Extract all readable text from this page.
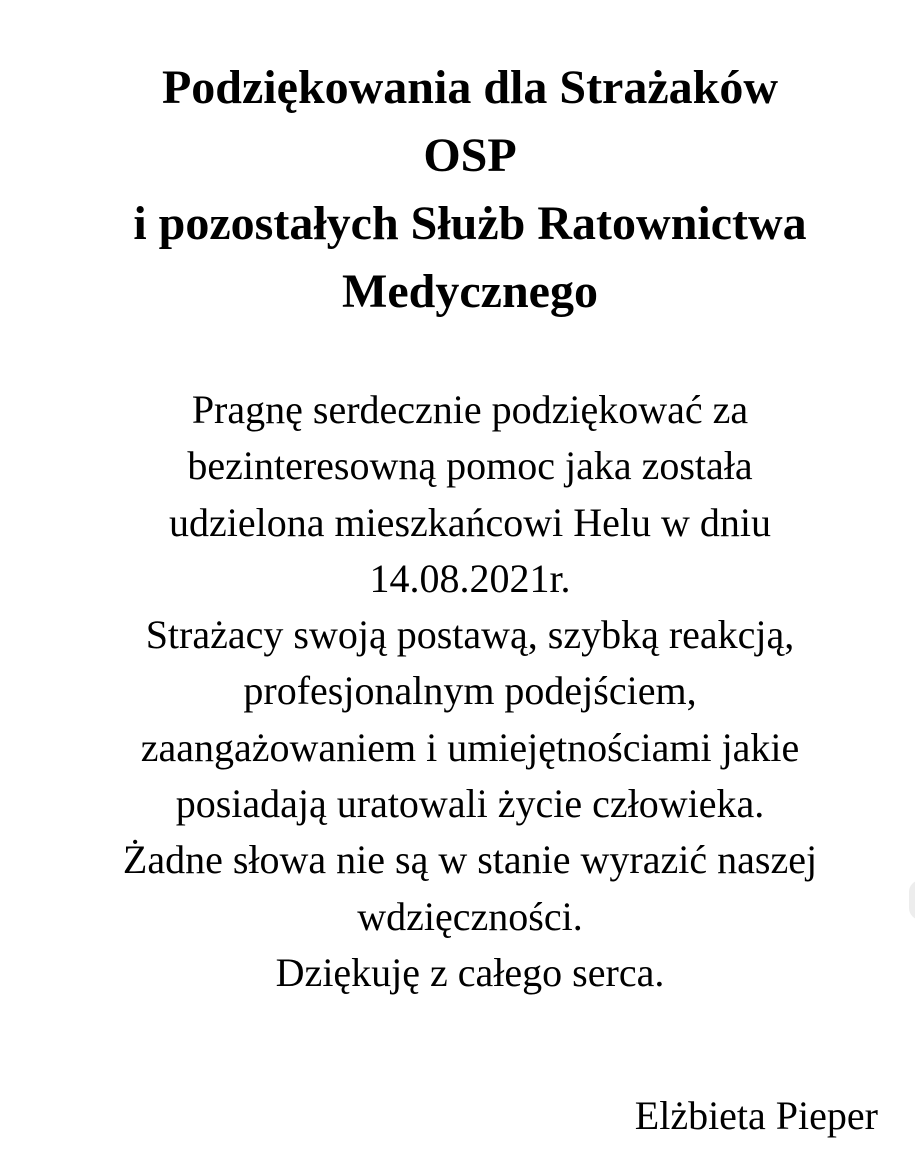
Podziękowania dla Strażaków
OSP
i pozostałych Służb Ratownictwa
Medycznego
Pragnę serdecznie podziękować za
bezinteresowną pomoc jaka została
udzielona mieszkańcowi Helu w dniu
14.08.2021r.
Strażacy swoją postawą, szybką reakcją,
profesjonalnym podejściem,
zaangażowaniem i umiejętnościami jakie
posiadają uratowali życie człowieka.
Żadne słowa nie są w stanie wyrazić naszej
wdzięczności.
Dziękuję z całego serca.
Elżbieta Pieper
